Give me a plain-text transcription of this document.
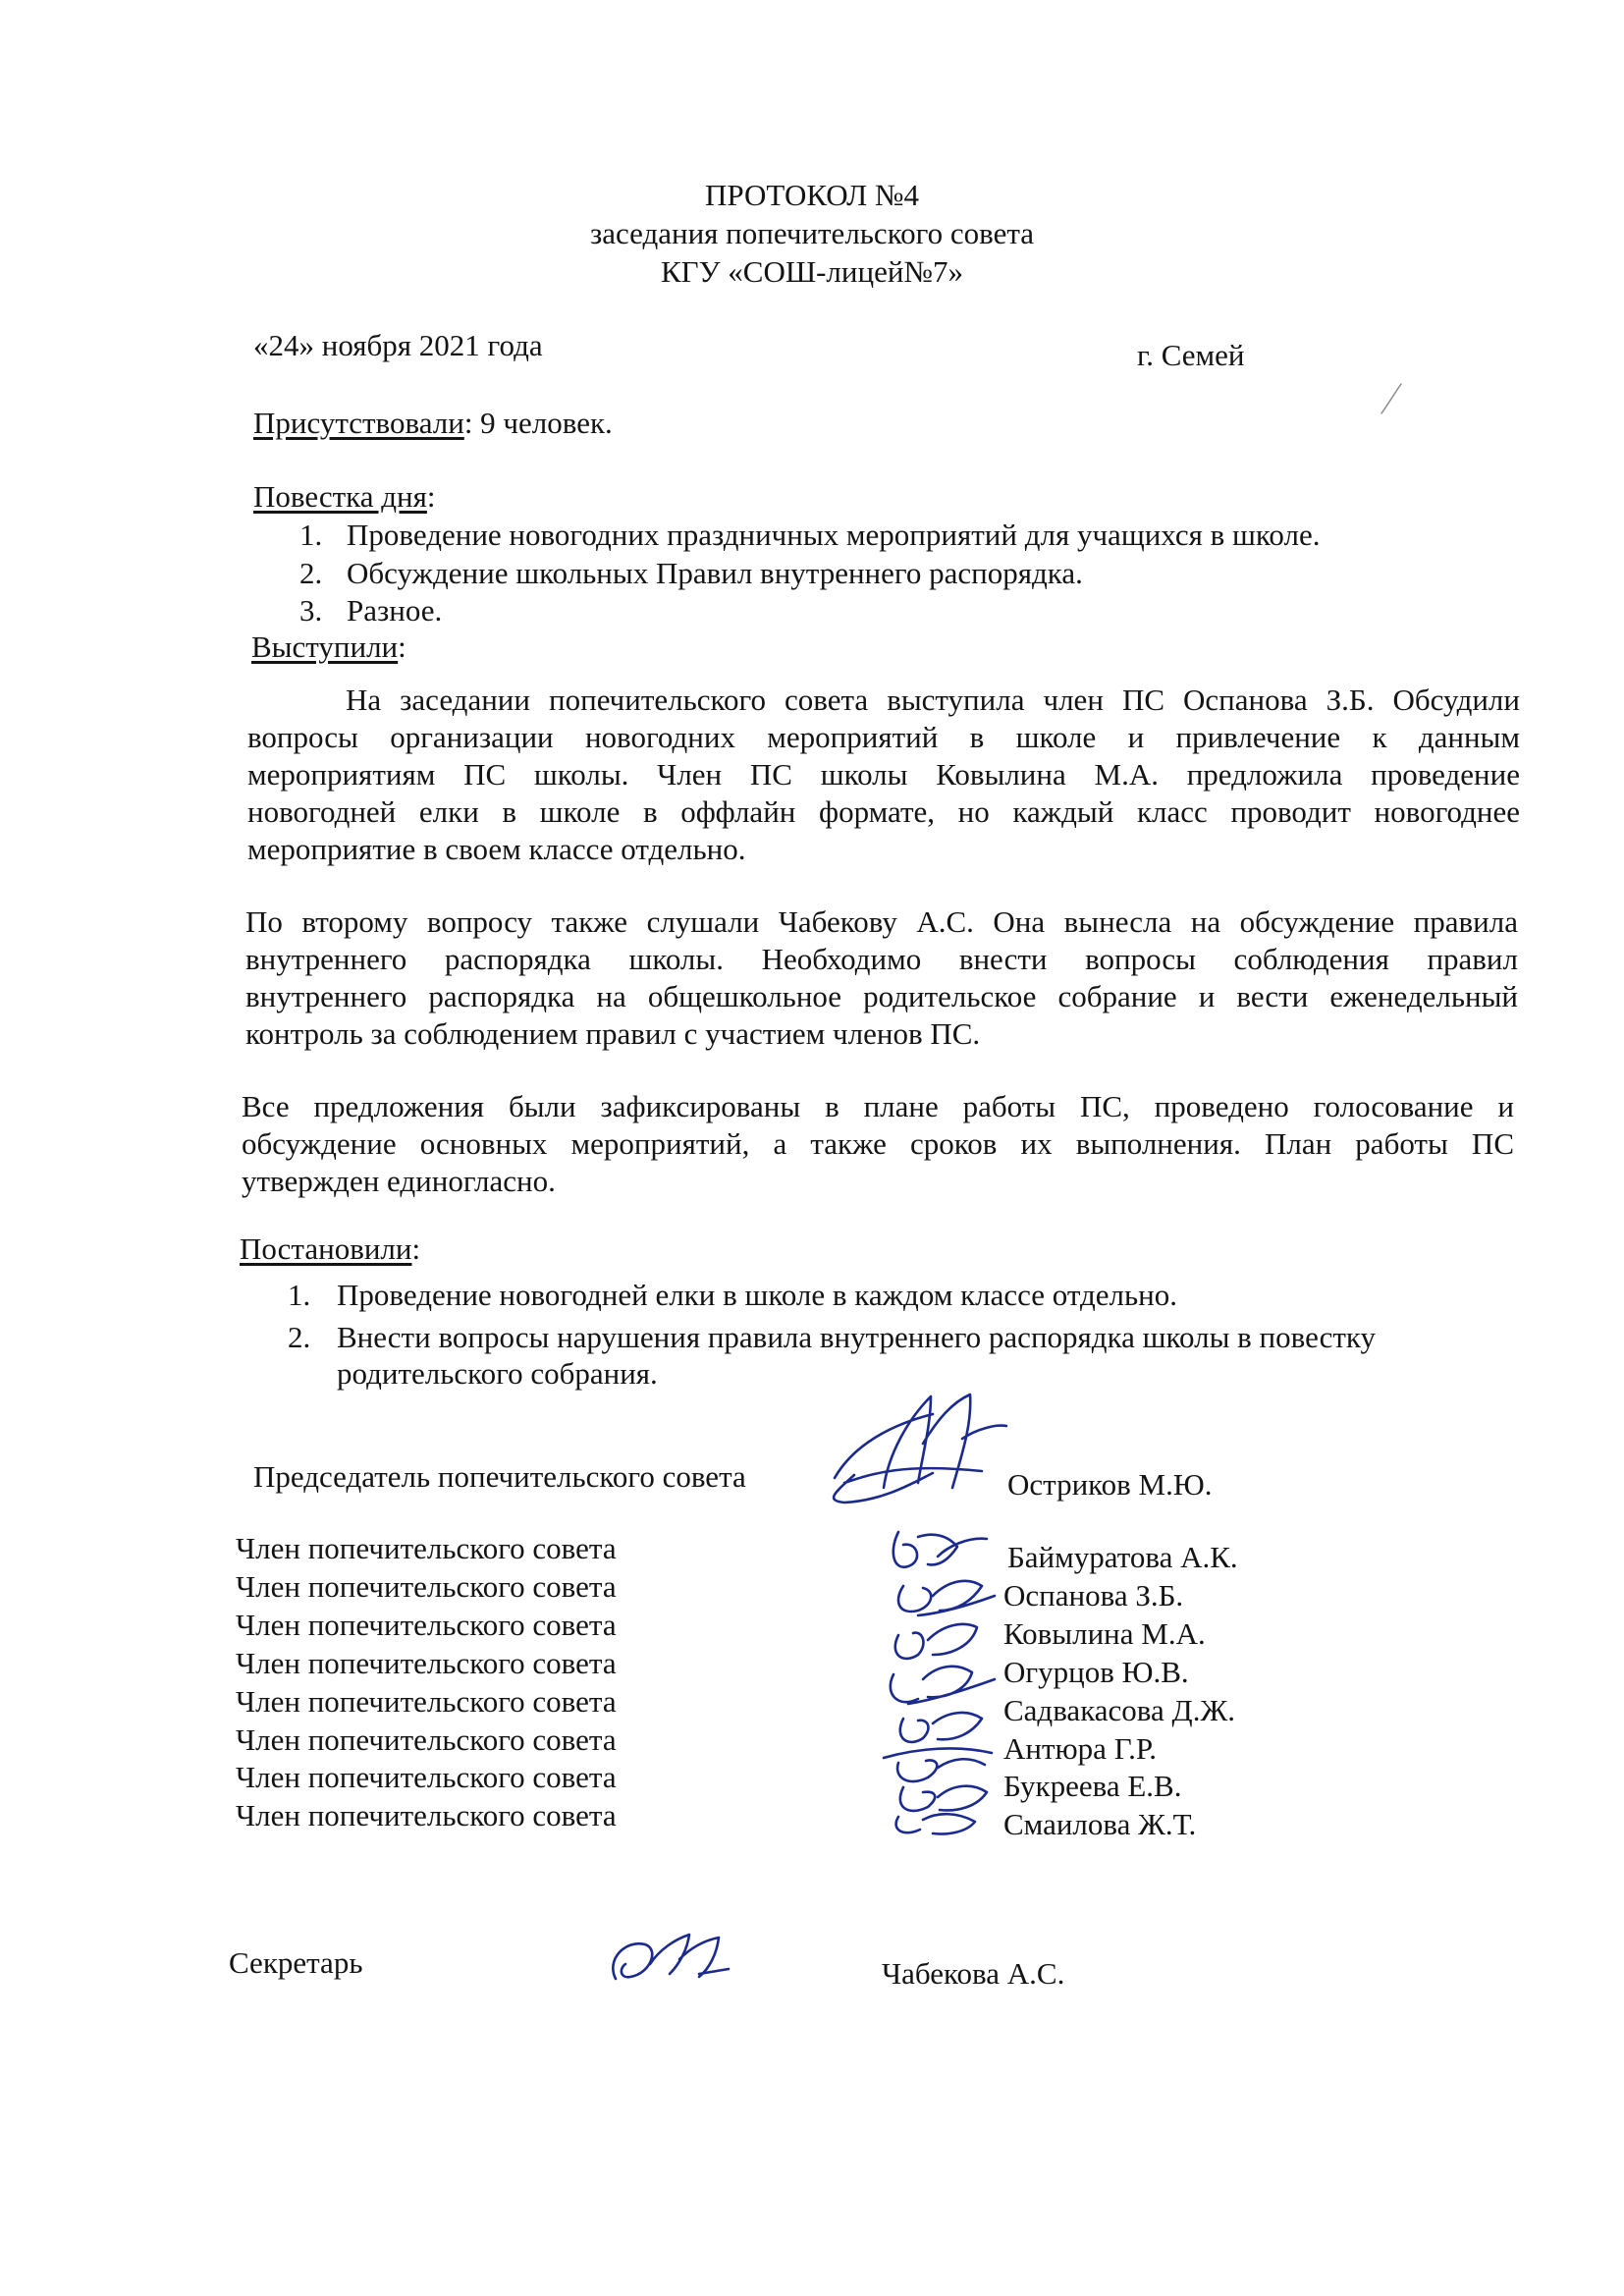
ПРОТОКОЛ №4
заседания попечительского совета
КГУ «СОШ-лицей№7»
«24» ноября 2021 года	г. Семей
Присутствовали: 9 человек.
Повестка дня:
1. Проведение новогодних праздничных мероприятий для учащихся в школе.
2. Обсуждение школьных Правил внутреннего распорядка.
3. Разное.
Выступили:

На заседании попечительского совета выступила член ПС Оспанова З.Б. Обсудили

вопросы организации новогодних мероприятий в школе и привлечение к данным

мероприятиям ПС школы. Член ПС школы Ковылина М.А. предложила проведение

новогодней елки в школе в оффлайн формате, но каждый класс проводит новогоднее

мероприятие в своем классе отдельно.

По второму вопросу также слушали Чабекову А.С. Она вынесла на обсуждение правила

внутреннего распорядка школы. Необходимо внести вопросы соблюдения правил

внутреннего распорядка на общешкольное родительское собрание и вести еженедельный

контроль за соблюдением правил с участием членов ПС.

Все предложения были зафиксированы в плане работы ПС, проведено голосование и

обсуждение основных мероприятий, а также сроков их выполнения. План работы ПС

утвержден единогласно.

Постановили:
1. Проведение новогодней елки в школе в каждом классе отдельно.
2. Внести вопросы нарушения правила внутреннего распорядка школы в повестку
родительского собрания.
Председатель попечительского совета	Остриков М.Ю.
Член попечительского совета	Баймуратова А.К.
Член попечительского совета	Оспанова З.Б.
Член попечительского совета	Ковылина М.А.
Член попечительского совета	Огурцов Ю.В.
Член попечительского совета	Садвакасова Д.Ж.
Член попечительского совета	Антюра Г.Р.
Член попечительского совета	Букреева Е.В.
Член попечительского совета	Смаилова Ж.Т.
Секретарь	Чабекова А.С.
